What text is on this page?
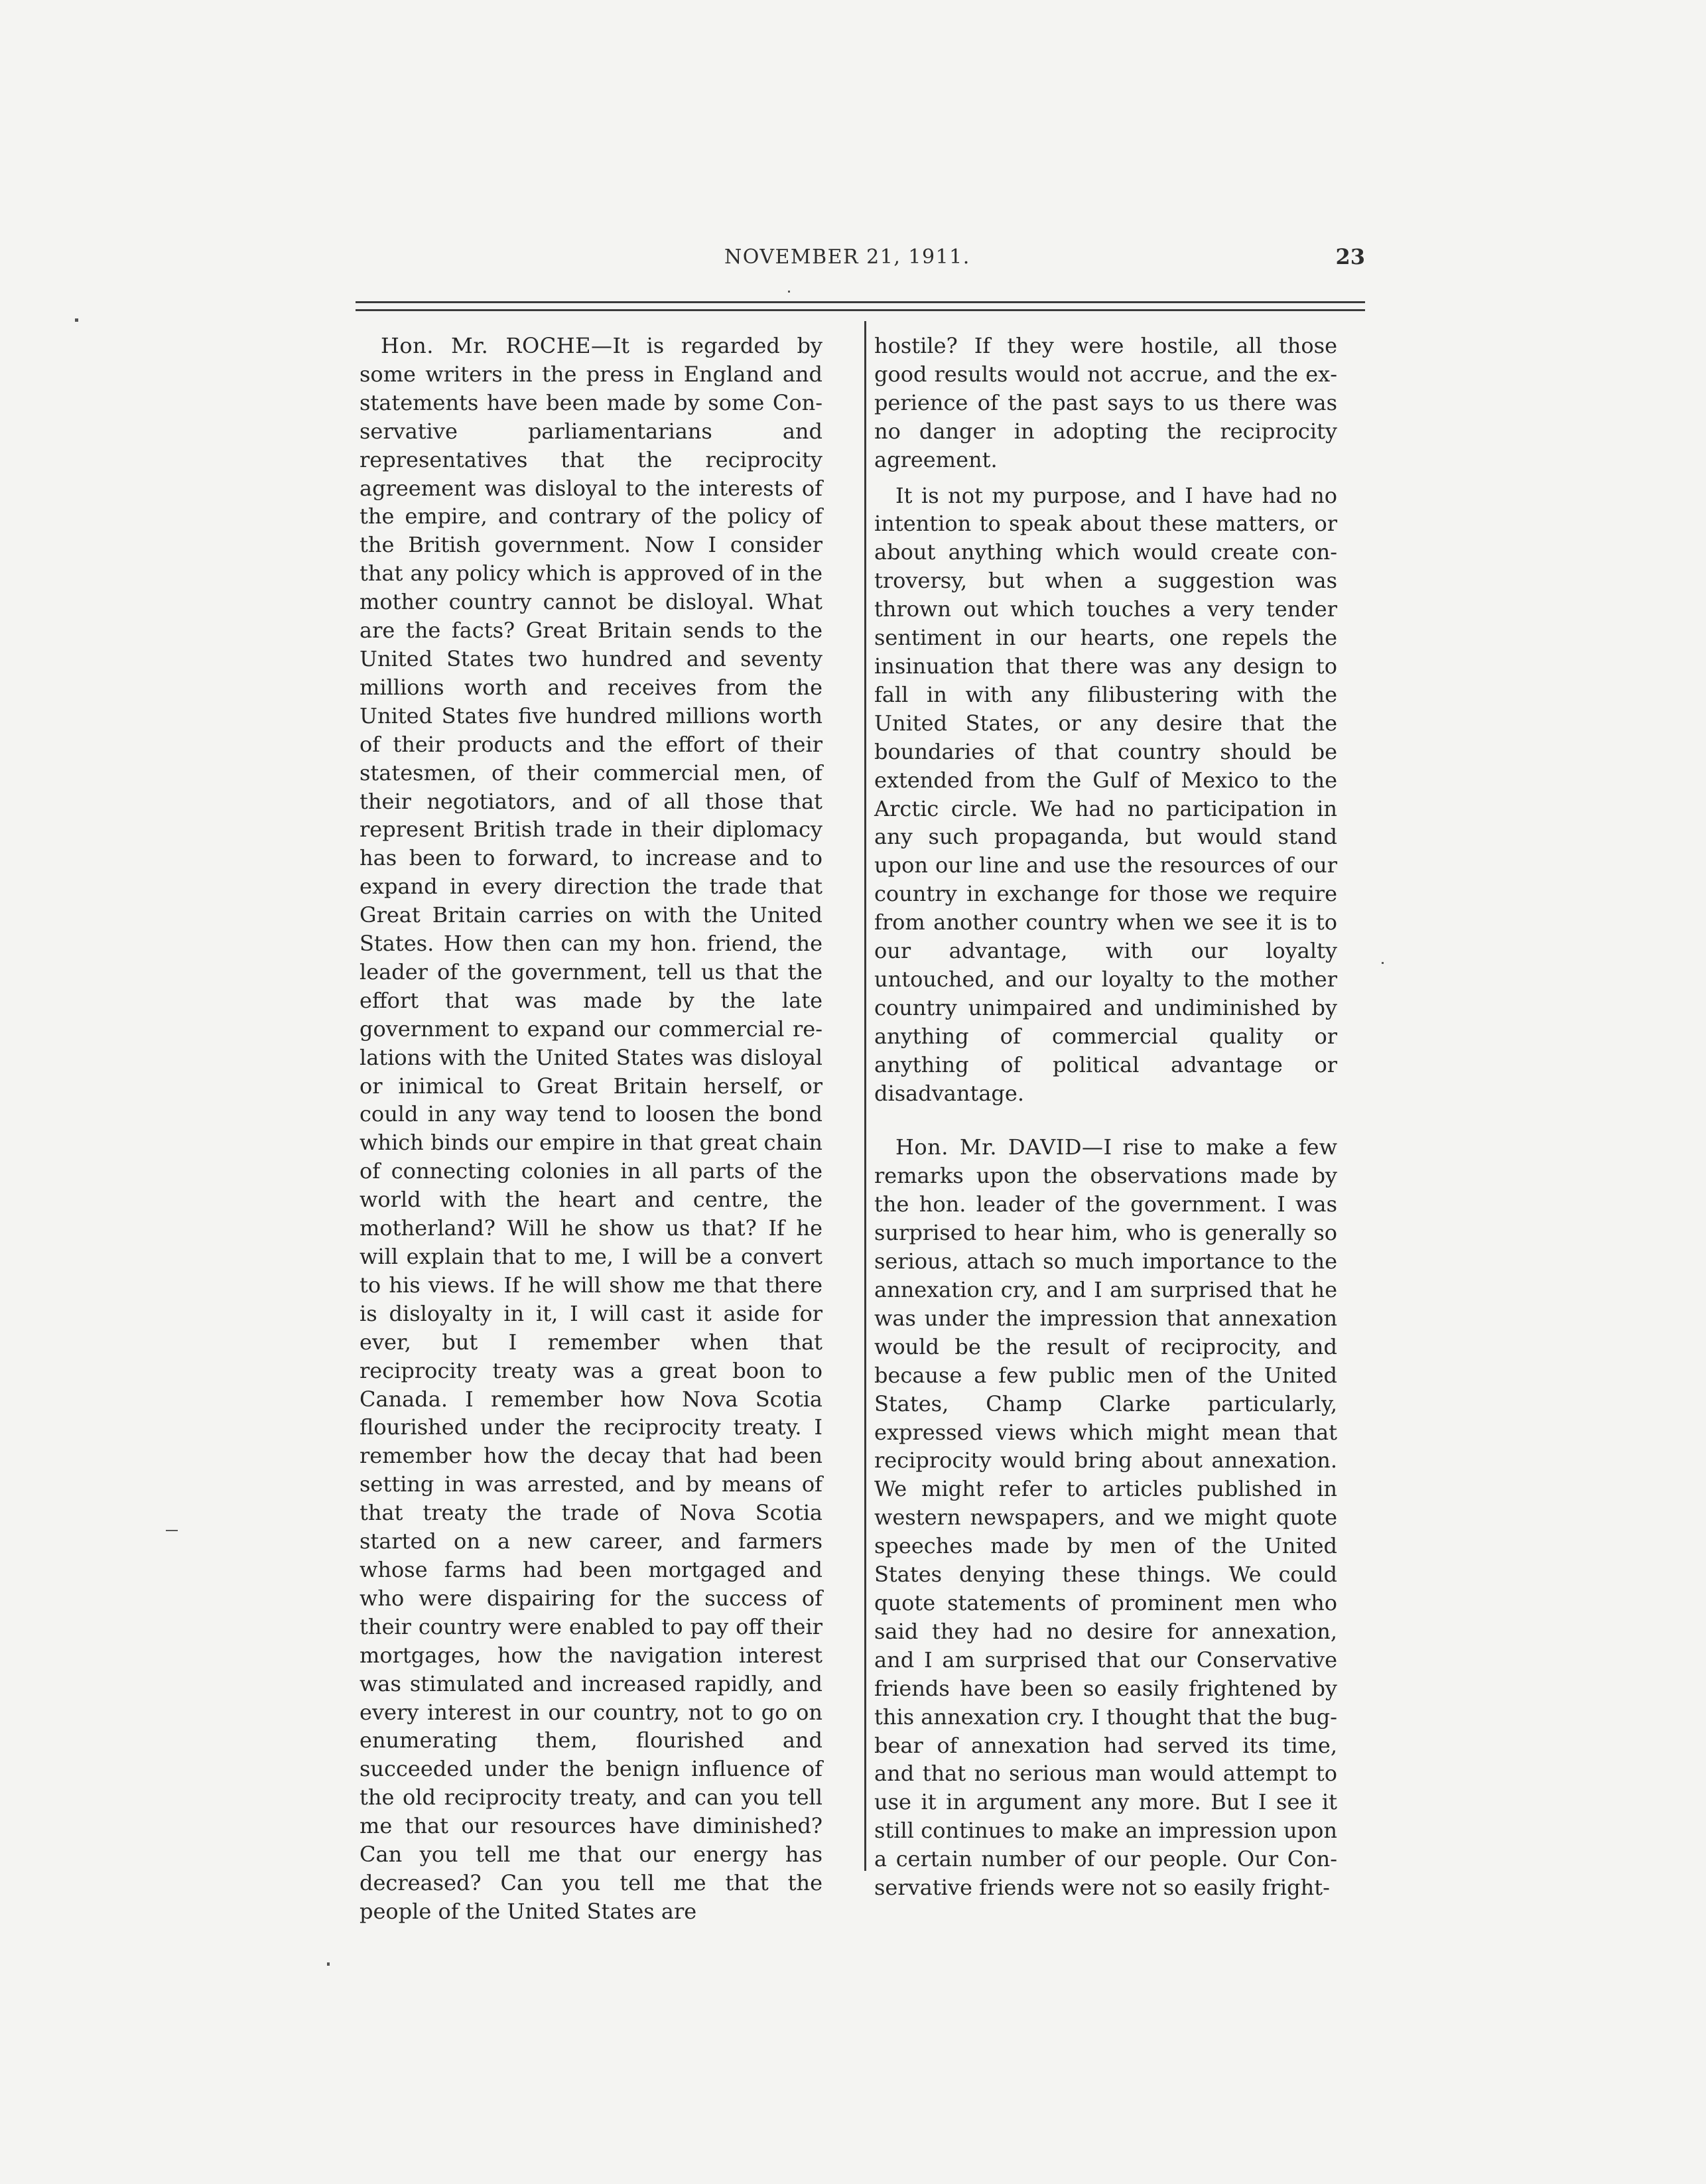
NOVEMBER 21, 1911.	23

Hon. Mr. ROCHE—It is regarded by some writers in the press in England and statements have been made by some Conservative parliamentarians and representatives that the reciprocity agreement was disloyal to the interests of the empire, and contrary of the policy of the British government. Now I consider that any policy which is approved of in the mother country cannot be disloyal. What are the facts? Great Britain sends to the United States two hundred and seventy millions worth and receives from the United States five hundred millions worth of their products and the effort of their statesmen, of their commercial men, of their negotiators, and of all those that represent British trade in their diplomacy has been to forward, to increase and to expand in every direction the trade that Great Britain carries on with the United States. How then can my hon. friend, the leader of the government, tell us that the effort that was made by the late government to expand our commercial relations with the United States was disloyal or inimical to Great Britain herself, or could in any way tend to loosen the bond which binds our empire in that great chain of connecting colonies in all parts of the world with the heart and centre, the motherland? Will he show us that? If he will explain that to me, I will be a convert to his views. If he will show me that there is disloyalty in it, I will cast it aside for ever, but I remember when that reciprocity treaty was a great boon to Canada. I remember how Nova Scotia flourished under the reciprocity treaty. I remember how the decay that had been setting in was arrested, and by means of that treaty the trade of Nova Scotia started on a new career, and farmers whose farms had been mortgaged and who were dispairing for the success of their country were enabled to pay off their mortgages, how the navigation interest was stimulated and increased rapidly, and every interest in our country, not to go on enumerating them, flourished and succeeded under the benign influence of the old reciprocity treaty, and can you tell me that our resources have diminished? Can you tell me that our energy has decreased? Can you tell me that the people of the United States are

hostile? If they were hostile, all those good results would not accrue, and the experience of the past says to us there was no danger in adopting the reciprocity agreement.

It is not my purpose, and I have had no intention to speak about these matters, or about anything which would create controversy, but when a suggestion was thrown out which touches a very tender sentiment in our hearts, one repels the insinuation that there was any design to fall in with any filibustering with the United States, or any desire that the boundaries of that country should be extended from the Gulf of Mexico to the Arctic circle. We had no participation in any such propaganda, but would stand upon our line and use the resources of our country in exchange for those we require from another country when we see it is to our advantage, with our loyalty untouched, and our loyalty to the mother country unimpaired and undiminished by anything of commercial quality or anything of political advantage or disadvantage.

Hon. Mr. DAVID—I rise to make a few remarks upon the observations made by the hon. leader of the government. I was surprised to hear him, who is generally so serious, attach so much importance to the annexation cry, and I am surprised that he was under the impression that annexation would be the result of reciprocity, and because a few public men of the United States, Champ Clarke particularly, expressed views which might mean that reciprocity would bring about annexation. We might refer to articles published in western newspapers, and we might quote speeches made by men of the United States denying these things. We could quote statements of prominent men who said they had no desire for annexation, and I am surprised that our Conservative friends have been so easily frightened by this annexation cry. I thought that the bugbear of annexation had served its time, and that no serious man would attempt to use it in argument any more. But I see it still continues to make an impression upon a certain number of our people. Our Conservative friends were not so easily fright-
